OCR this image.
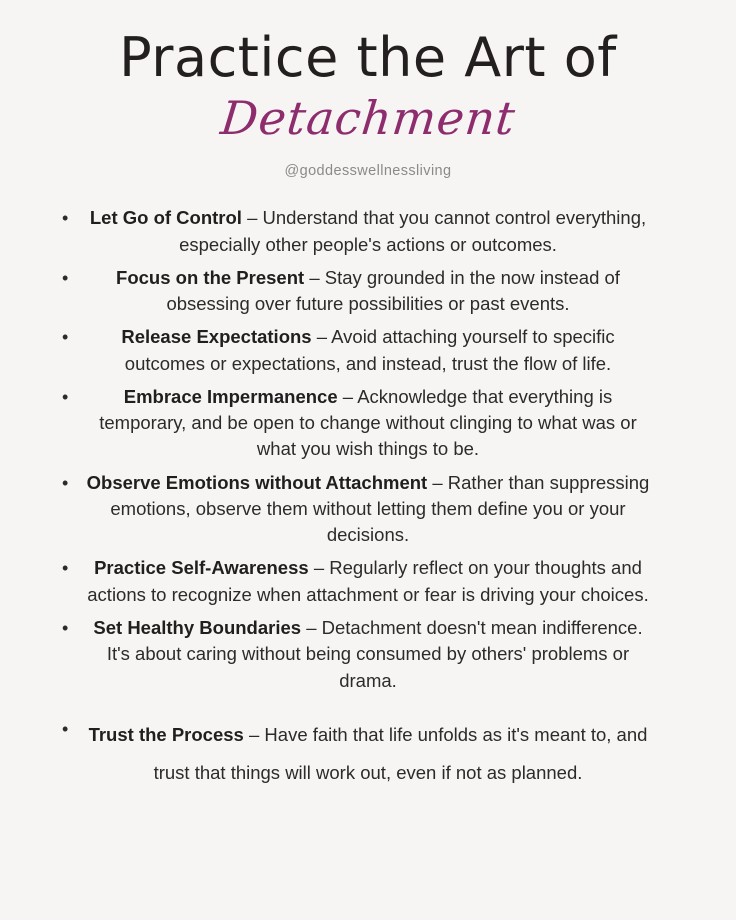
Practice the Art of
Detachment
@goddesswellnessliving
• Let Go of Control – Understand that you cannot control everything, especially other people's actions or outcomes.
•	Focus on the Present – Stay grounded in the now instead of obsessing over future possibilities or past events.
•	Release Expectations – Avoid attaching yourself to specific outcomes or expectations, and instead, trust the flow of life.
•	Embrace Impermanence – Acknowledge that everything is temporary, and be open to change without clinging to what was or what you wish things to be.
• Observe Emotions without Attachment – Rather than suppressing emotions, observe them without letting them define you or your decisions.
• Practice Self-Awareness – Regularly reflect on your thoughts and actions to recognize when attachment or fear is driving your choices.
• Set Healthy Boundaries – Detachment doesn't mean indifference. It's about caring without being consumed by others' problems or drama.
• Trust the Process – Have faith that life unfolds as it's meant to, and trust that things will work out, even if not as planned.
